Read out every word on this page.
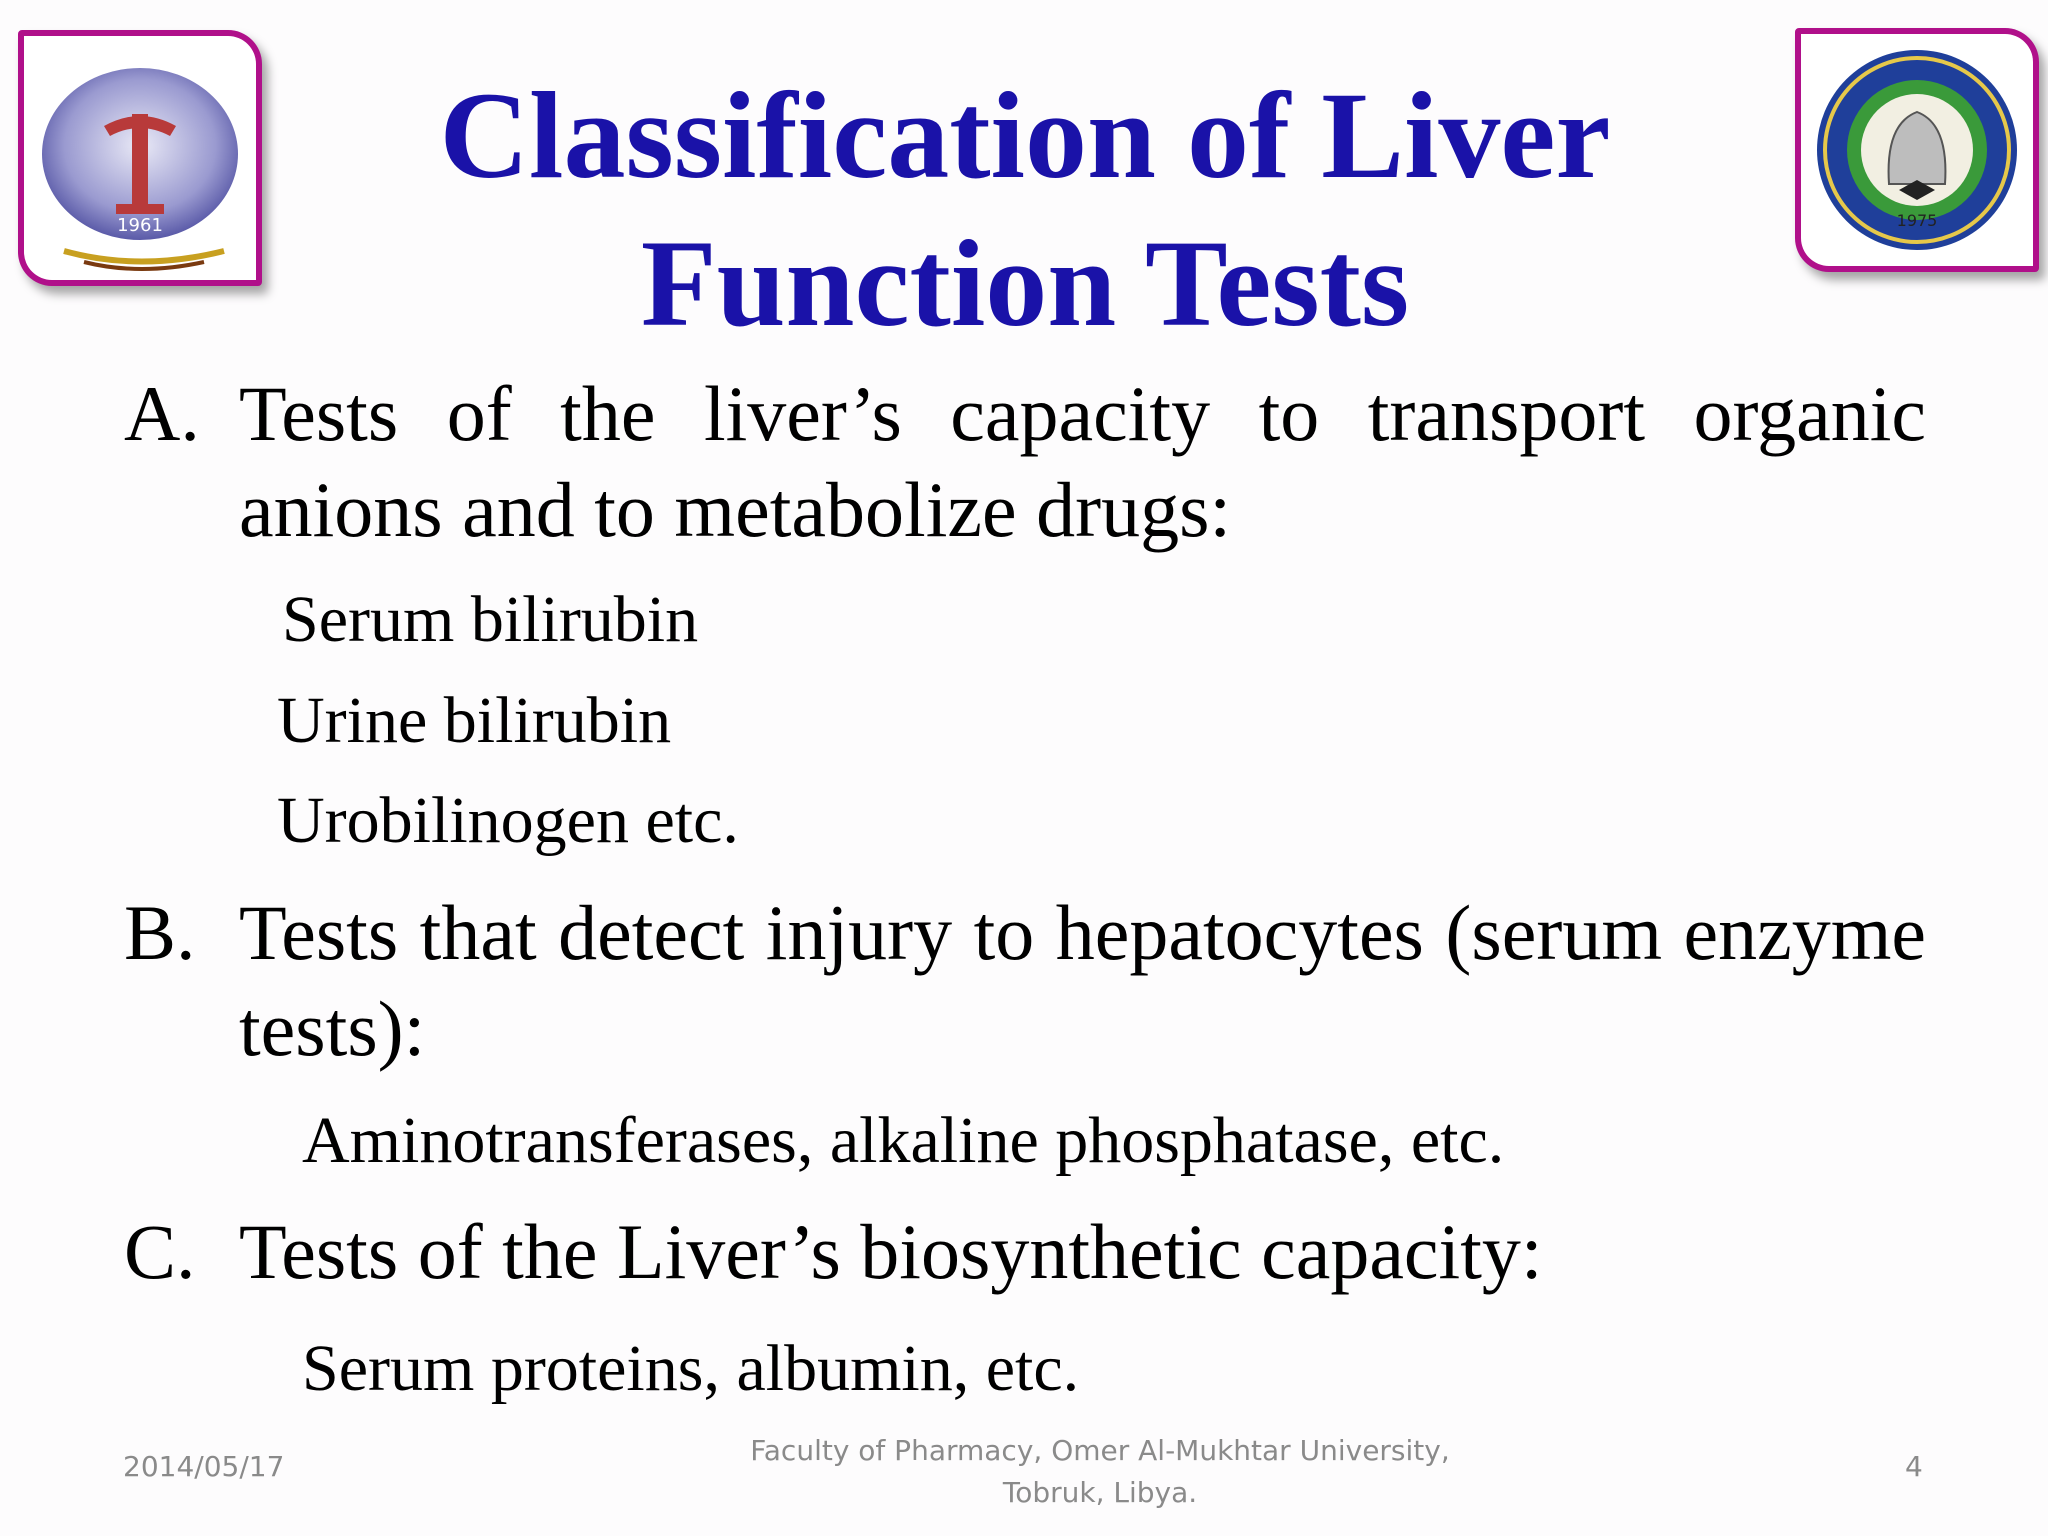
1961	1975
Classification of Liver
Function Tests
A. Tests of the liver’s capacity to transport organic anions and to metabolize drugs:
Serum bilirubin
Urine bilirubin
Urobilinogen etc.
B. Tests that detect injury to hepatocytes (serum enzyme tests):
Aminotransferases, alkaline phosphatase, etc.
C. Tests of the Liver’s biosynthetic capacity:
Serum proteins, albumin, etc.
2014/05/17	Faculty of Pharmacy, Omer Al-Mukhtar University,
Tobruk, Libya.
4
